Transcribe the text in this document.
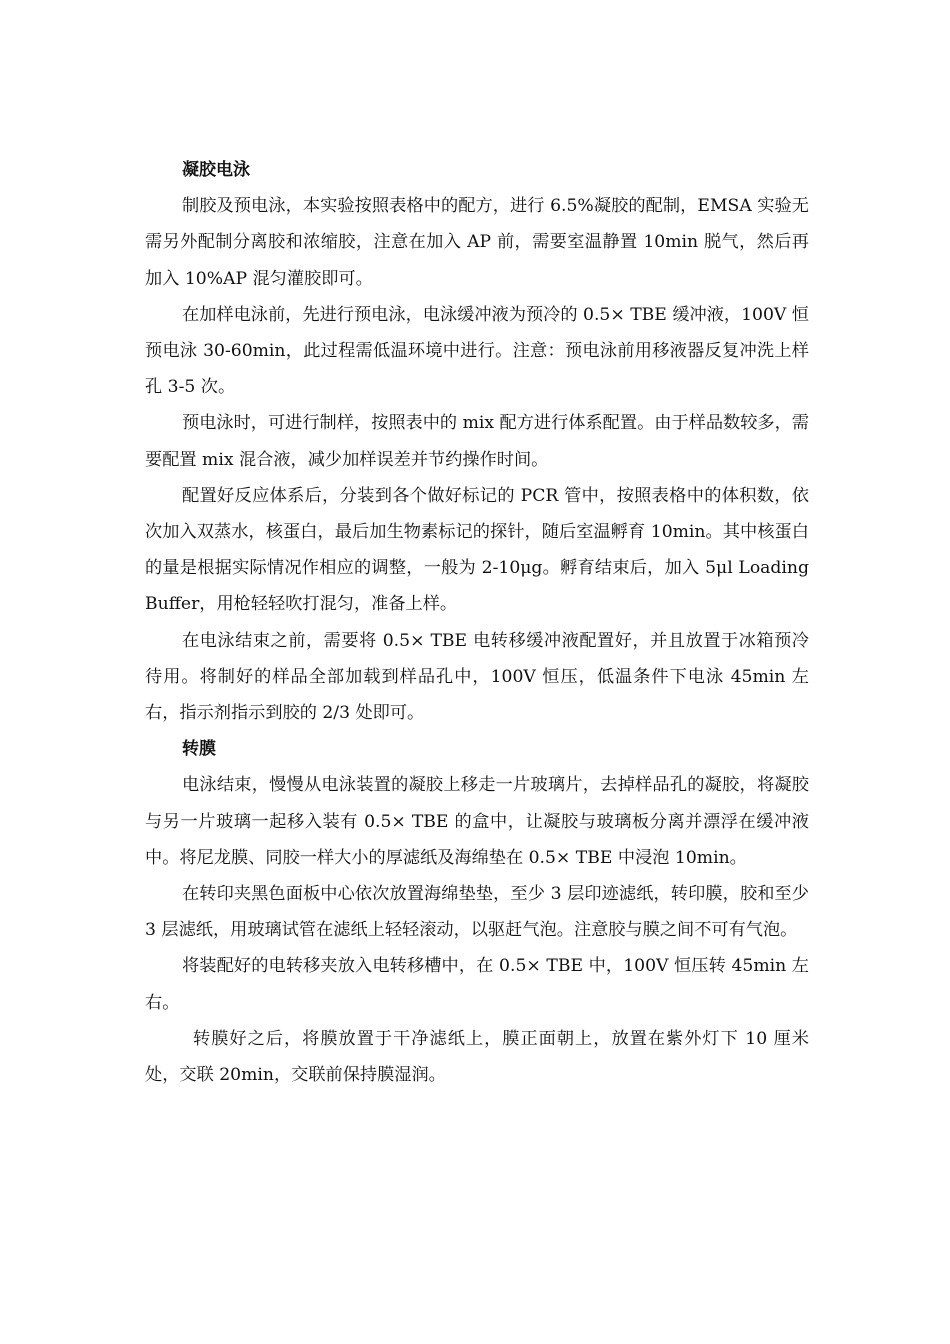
凝胶电泳

制胶及预电泳，本实验按照表格中的配方，进行 6.5%凝胶的配制，EMSA 实验无需另外配制分离胶和浓缩胶，注意在加入 AP 前，需要室温静置 10min 脱气，然后再加入 10%AP 混匀灌胶即可。

在加样电泳前，先进行预电泳，电泳缓冲液为预冷的 0.5× TBE 缓冲液，100V 恒预电泳 30-60min，此过程需低温环境中进行。注意：预电泳前用移液器反复冲洗上样孔 3-5 次。

预电泳时，可进行制样，按照表中的 mix 配方进行体系配置。由于样品数较多，需要配置 mix 混合液，减少加样误差并节约操作时间。

配置好反应体系后，分装到各个做好标记的 PCR 管中，按照表格中的体积数，依次加入双蒸水，核蛋白，最后加生物素标记的探针，随后室温孵育 10min。其中核蛋白的量是根据实际情况作相应的调整，一般为 2-10μg。孵育结束后，加入 5μl Loading Buffer，用枪轻轻吹打混匀，准备上样。

在电泳结束之前，需要将 0.5× TBE 电转移缓冲液配置好，并且放置于冰箱预冷待用。将制好的样品全部加载到样品孔中，100V 恒压，低温条件下电泳 45min 左右，指示剂指示到胶的 2/3 处即可。

转膜

电泳结束，慢慢从电泳装置的凝胶上移走一片玻璃片，去掉样品孔的凝胶，将凝胶与另一片玻璃一起移入装有 0.5× TBE 的盒中，让凝胶与玻璃板分离并漂浮在缓冲液中。将尼龙膜、同胶一样大小的厚滤纸及海绵垫在 0.5× TBE 中浸泡 10min。

在转印夹黑色面板中心依次放置海绵垫垫，至少 3 层印迹滤纸，转印膜，胶和至少 3 层滤纸，用玻璃试管在滤纸上轻轻滚动，以驱赶气泡。注意胶与膜之间不可有气泡。

将装配好的电转移夹放入电转移槽中，在 0.5× TBE 中，100V 恒压转 45min 左右。

转膜好之后，将膜放置于干净滤纸上，膜正面朝上，放置在紫外灯下 10 厘米处，交联 20min，交联前保持膜湿润。
